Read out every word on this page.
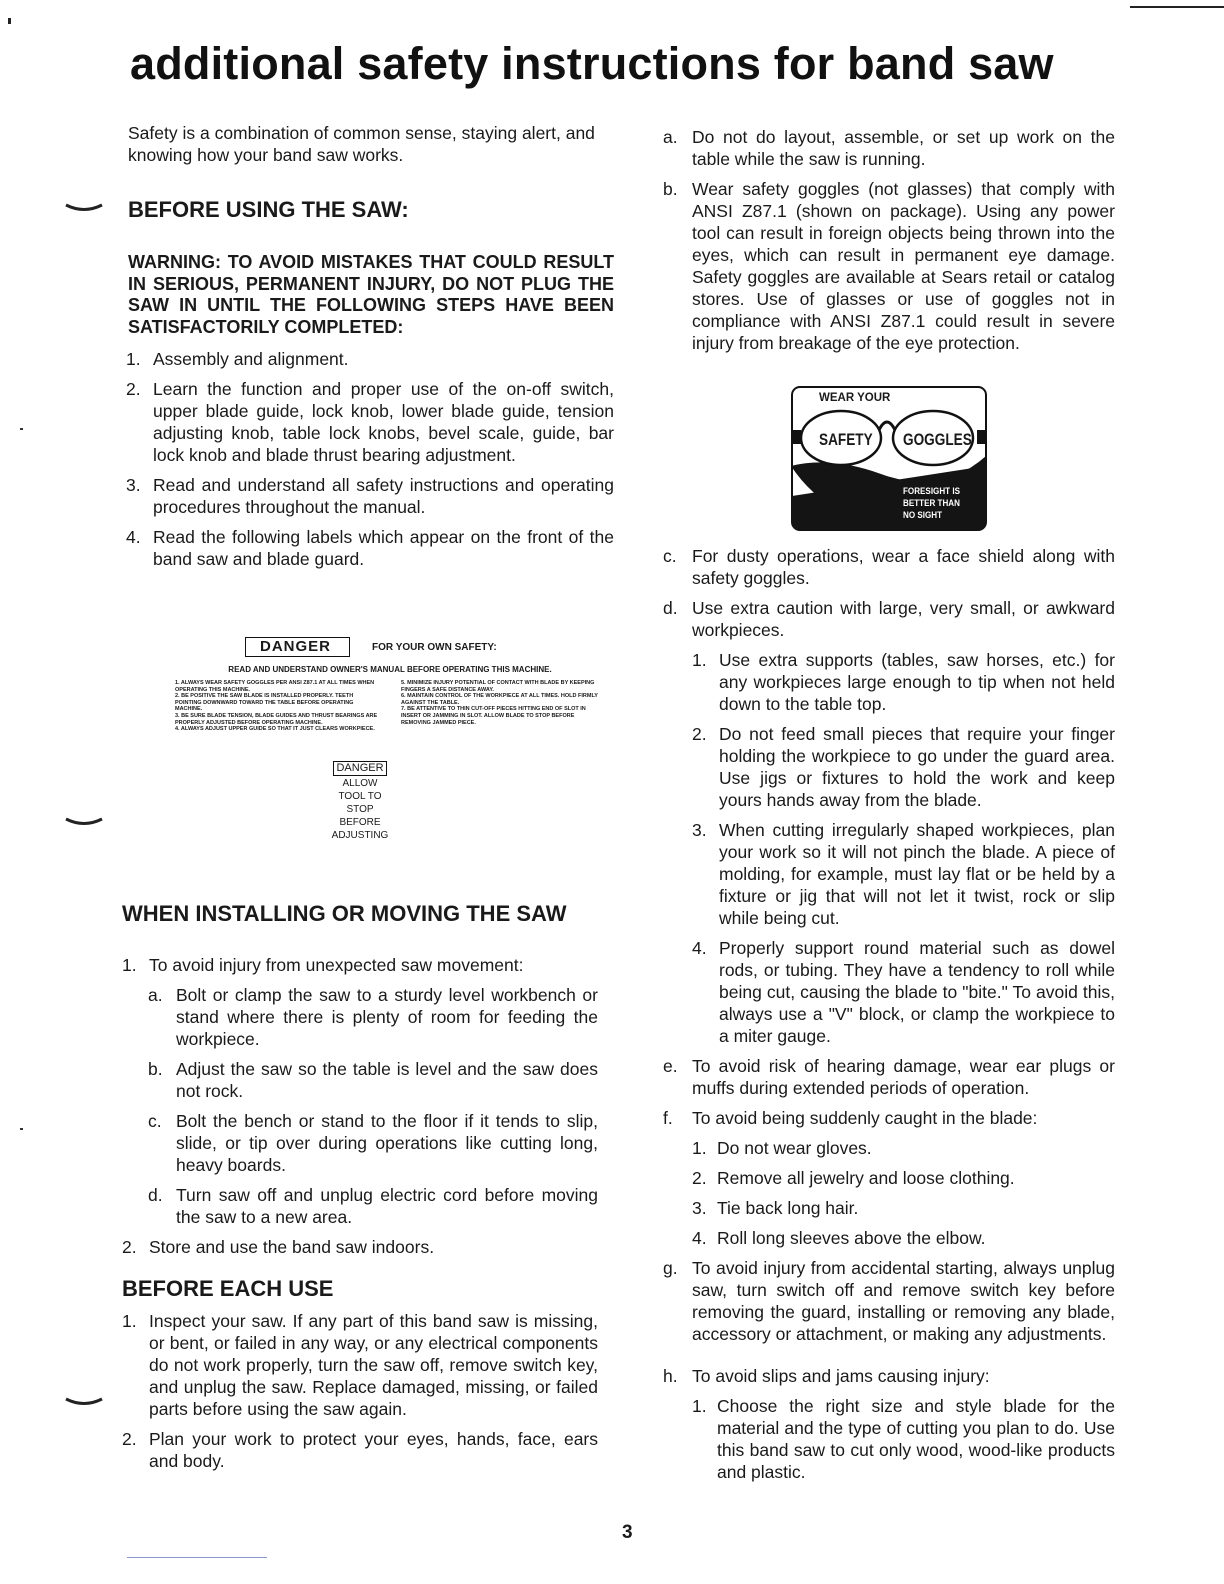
additional safety instructions for band saw

Safety is a combination of common sense, staying alert, and knowing how your band saw works.

BEFORE USING THE SAW:

WARNING: TO AVOID MISTAKES THAT COULD RESULT IN SERIOUS, PERMANENT INJURY, DO NOT PLUG THE SAW IN UNTIL THE FOLLOWING STEPS HAVE BEEN SATISFACTORILY COMPLETED:

1. Assembly and alignment.
2. Learn the function and proper use of the on-off switch, upper blade guide, lock knob, lower blade guide, tension adjusting knob, table lock knobs, bevel scale, guide, bar lock knob and blade thrust bearing adjustment.
3. Read and understand all safety instructions and operating procedures throughout the manual.
4. Read the following labels which appear on the front of the band saw and blade guard.
DANGER	FOR YOUR OWN SAFETY:
READ AND UNDERSTAND OWNER'S MANUAL BEFORE OPERATING THIS MACHINE.
1. ALWAYS WEAR SAFETY GOGGLES PER ANSI Z87.1 AT ALL TIMES WHEN OPERATING THIS MACHINE.
2. BE POSITIVE THE SAW BLADE IS INSTALLED PROPERLY. TEETH POINTING DOWNWARD TOWARD THE TABLE BEFORE OPERATING MACHINE.
3. BE SURE BLADE TENSION, BLADE GUIDES AND THRUST BEARINGS ARE PROPERLY ADJUSTED BEFORE OPERATING MACHINE.
4. ALWAYS ADJUST UPPER GUIDE SO THAT IT JUST CLEARS WORKPIECE.
5. MINIMIZE INJURY POTENTIAL OF CONTACT WITH BLADE BY KEEPING FINGERS A SAFE DISTANCE AWAY.
6. MAINTAIN CONTROL OF THE WORKPIECE AT ALL TIMES. HOLD FIRMLY AGAINST THE TABLE.
7. BE ATTENTIVE TO THIN CUT-OFF PIECES HITTING END OF SLOT IN INSERT OR JAMMING IN SLOT. ALLOW BLADE TO STOP BEFORE REMOVING JAMMED PIECE.
DANGER
ALLOW
TOOL TO
STOP
BEFORE
ADJUSTING
WHEN INSTALLING OR MOVING THE SAW
1. To avoid injury from unexpected saw movement:
a. Bolt or clamp the saw to a sturdy level workbench or stand where there is plenty of room for feeding the workpiece.
b. Adjust the saw so the table is level and the saw does not rock.
c. Bolt the bench or stand to the floor if it tends to slip, slide, or tip over during operations like cutting long, heavy boards.
d. Turn saw off and unplug electric cord before moving the saw to a new area.
2. Store and use the band saw indoors.
BEFORE EACH USE
1. Inspect your saw. If any part of this band saw is missing, or bent, or failed in any way, or any electrical components do not work properly, turn the saw off, remove switch key, and unplug the saw. Replace damaged, missing, or failed parts before using the saw again.
2. Plan your work to protect your eyes, hands, face, ears and body.
a. Do not do layout, assemble, or set up work on the table while the saw is running.
b. Wear safety goggles (not glasses) that comply with ANSI Z87.1 (shown on package). Using any power tool can result in foreign objects being thrown into the eyes, which can result in permanent eye damage. Safety goggles are available at Sears retail or catalog stores. Use of glasses or use of goggles not in compliance with ANSI Z87.1 could result in severe injury from breakage of the eye protection.
WEAR YOUR
SAFETY GOGGLES
FORESIGHT IS
BETTER THAN
NO SIGHT
c. For dusty operations, wear a face shield along with safety goggles.
d. Use extra caution with large, very small, or awkward workpieces.
1. Use extra supports (tables, saw horses, etc.) for any workpieces large enough to tip when not held down to the table top.
2. Do not feed small pieces that require your finger holding the workpiece to go under the guard area. Use jigs or fixtures to hold the work and keep yours hands away from the blade.
3. When cutting irregularly shaped workpieces, plan your work so it will not pinch the blade. A piece of molding, for example, must lay flat or be held by a fixture or jig that will not let it twist, rock or slip while being cut.
4. Properly support round material such as dowel rods, or tubing. They have a tendency to roll while being cut, causing the blade to "bite." To avoid this, always use a "V" block, or clamp the workpiece to a miter gauge.
e. To avoid risk of hearing damage, wear ear plugs or muffs during extended periods of operation.
f.	To avoid being suddenly caught in the blade:
1. Do not wear gloves.
2. Remove all jewelry and loose clothing.
3. Tie back long hair.
4. Roll long sleeves above the elbow.
g. To avoid injury from accidental starting, always unplug saw, turn switch off and remove switch key before removing the guard, installing or removing any blade, accessory or attachment, or making any adjustments.
h. To avoid slips and jams causing injury:
1. Choose the right size and style blade for the material and the type of cutting you plan to do. Use this band saw to cut only wood, wood-like products and plastic.
3
